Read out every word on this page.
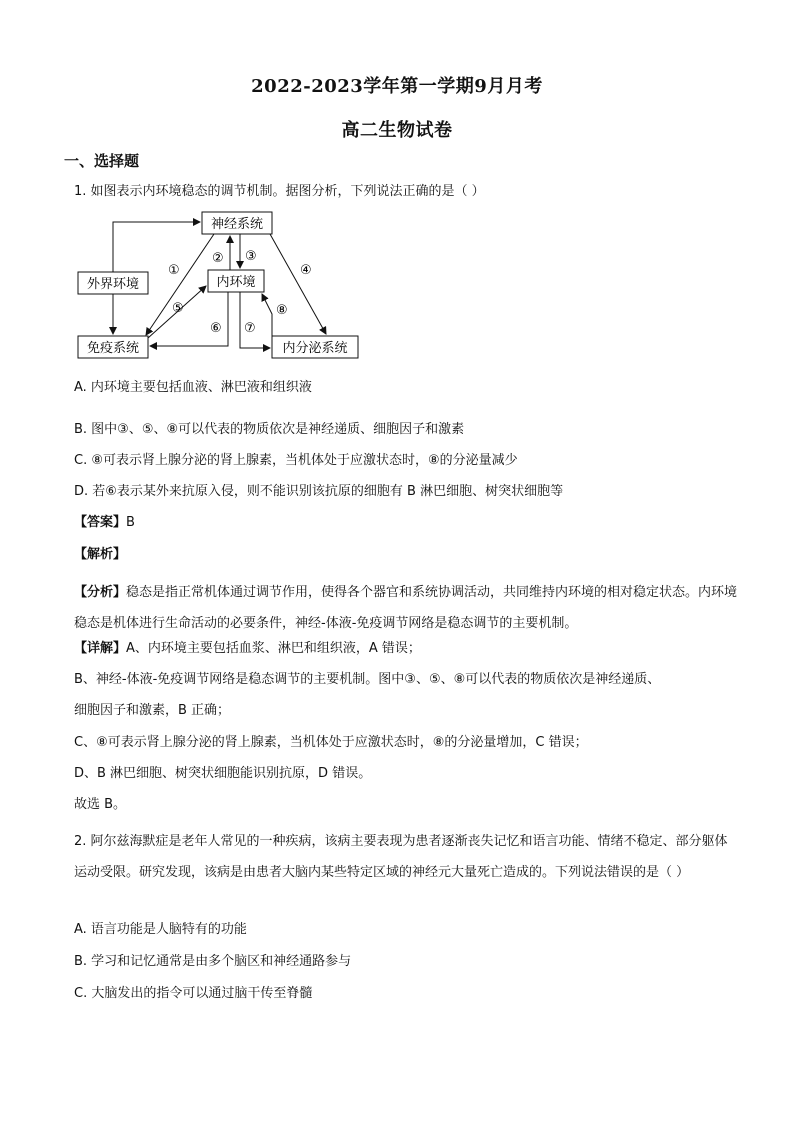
2022-2023学年第一学期9月月考
高二生物试卷
一、选择题
1. 如图表示内环境稳态的调节机制。据图分析，下列说法正确的是（ ）
神经系统
外界环境	内环境
免疫系统	内分泌系统
①
② ③
④
⑤
⑥ ⑦
⑧
A. 内环境主要包括血液、淋巴液和组织液
B. 图中③、⑤、⑧可以代表的物质依次是神经递质、细胞因子和激素
C. ⑧可表示肾上腺分泌的肾上腺素，当机体处于应激状态时，⑧的分泌量减少
D. 若⑥表示某外来抗原入侵，则不能识别该抗原的细胞有 B 淋巴细胞、树突状细胞等
【答案】B
【解析】
【分析】稳态是指正常机体通过调节作用，使得各个器官和系统协调活动，共同维持内环境的相对稳定状态。内环境稳态是机体进行生命活动的必要条件，神经-体液-免疫调节网络是稳态调节的主要机制。
【详解】A、内环境主要包括血浆、淋巴和组织液，A 错误；
B、神经-体液-免疫调节网络是稳态调节的主要机制。图中③、⑤、⑧可以代表的物质依次是神经递质、
细胞因子和激素，B 正确；
C、⑧可表示肾上腺分泌的肾上腺素，当机体处于应激状态时，⑧的分泌量增加，C 错误；
D、B 淋巴细胞、树突状细胞能识别抗原，D 错误。
故选 B。
2. 阿尔兹海默症是老年人常见的一种疾病，该病主要表现为患者逐渐丧失记忆和语言功能、情绪不稳定、部分躯体运动受限。研究发现，该病是由患者大脑内某些特定区域的神经元大量死亡造成的。下列说法错误的是（ ）
A. 语言功能是人脑特有的功能
B. 学习和记忆通常是由多个脑区和神经通路参与
C. 大脑发出的指令可以通过脑干传至脊髓
